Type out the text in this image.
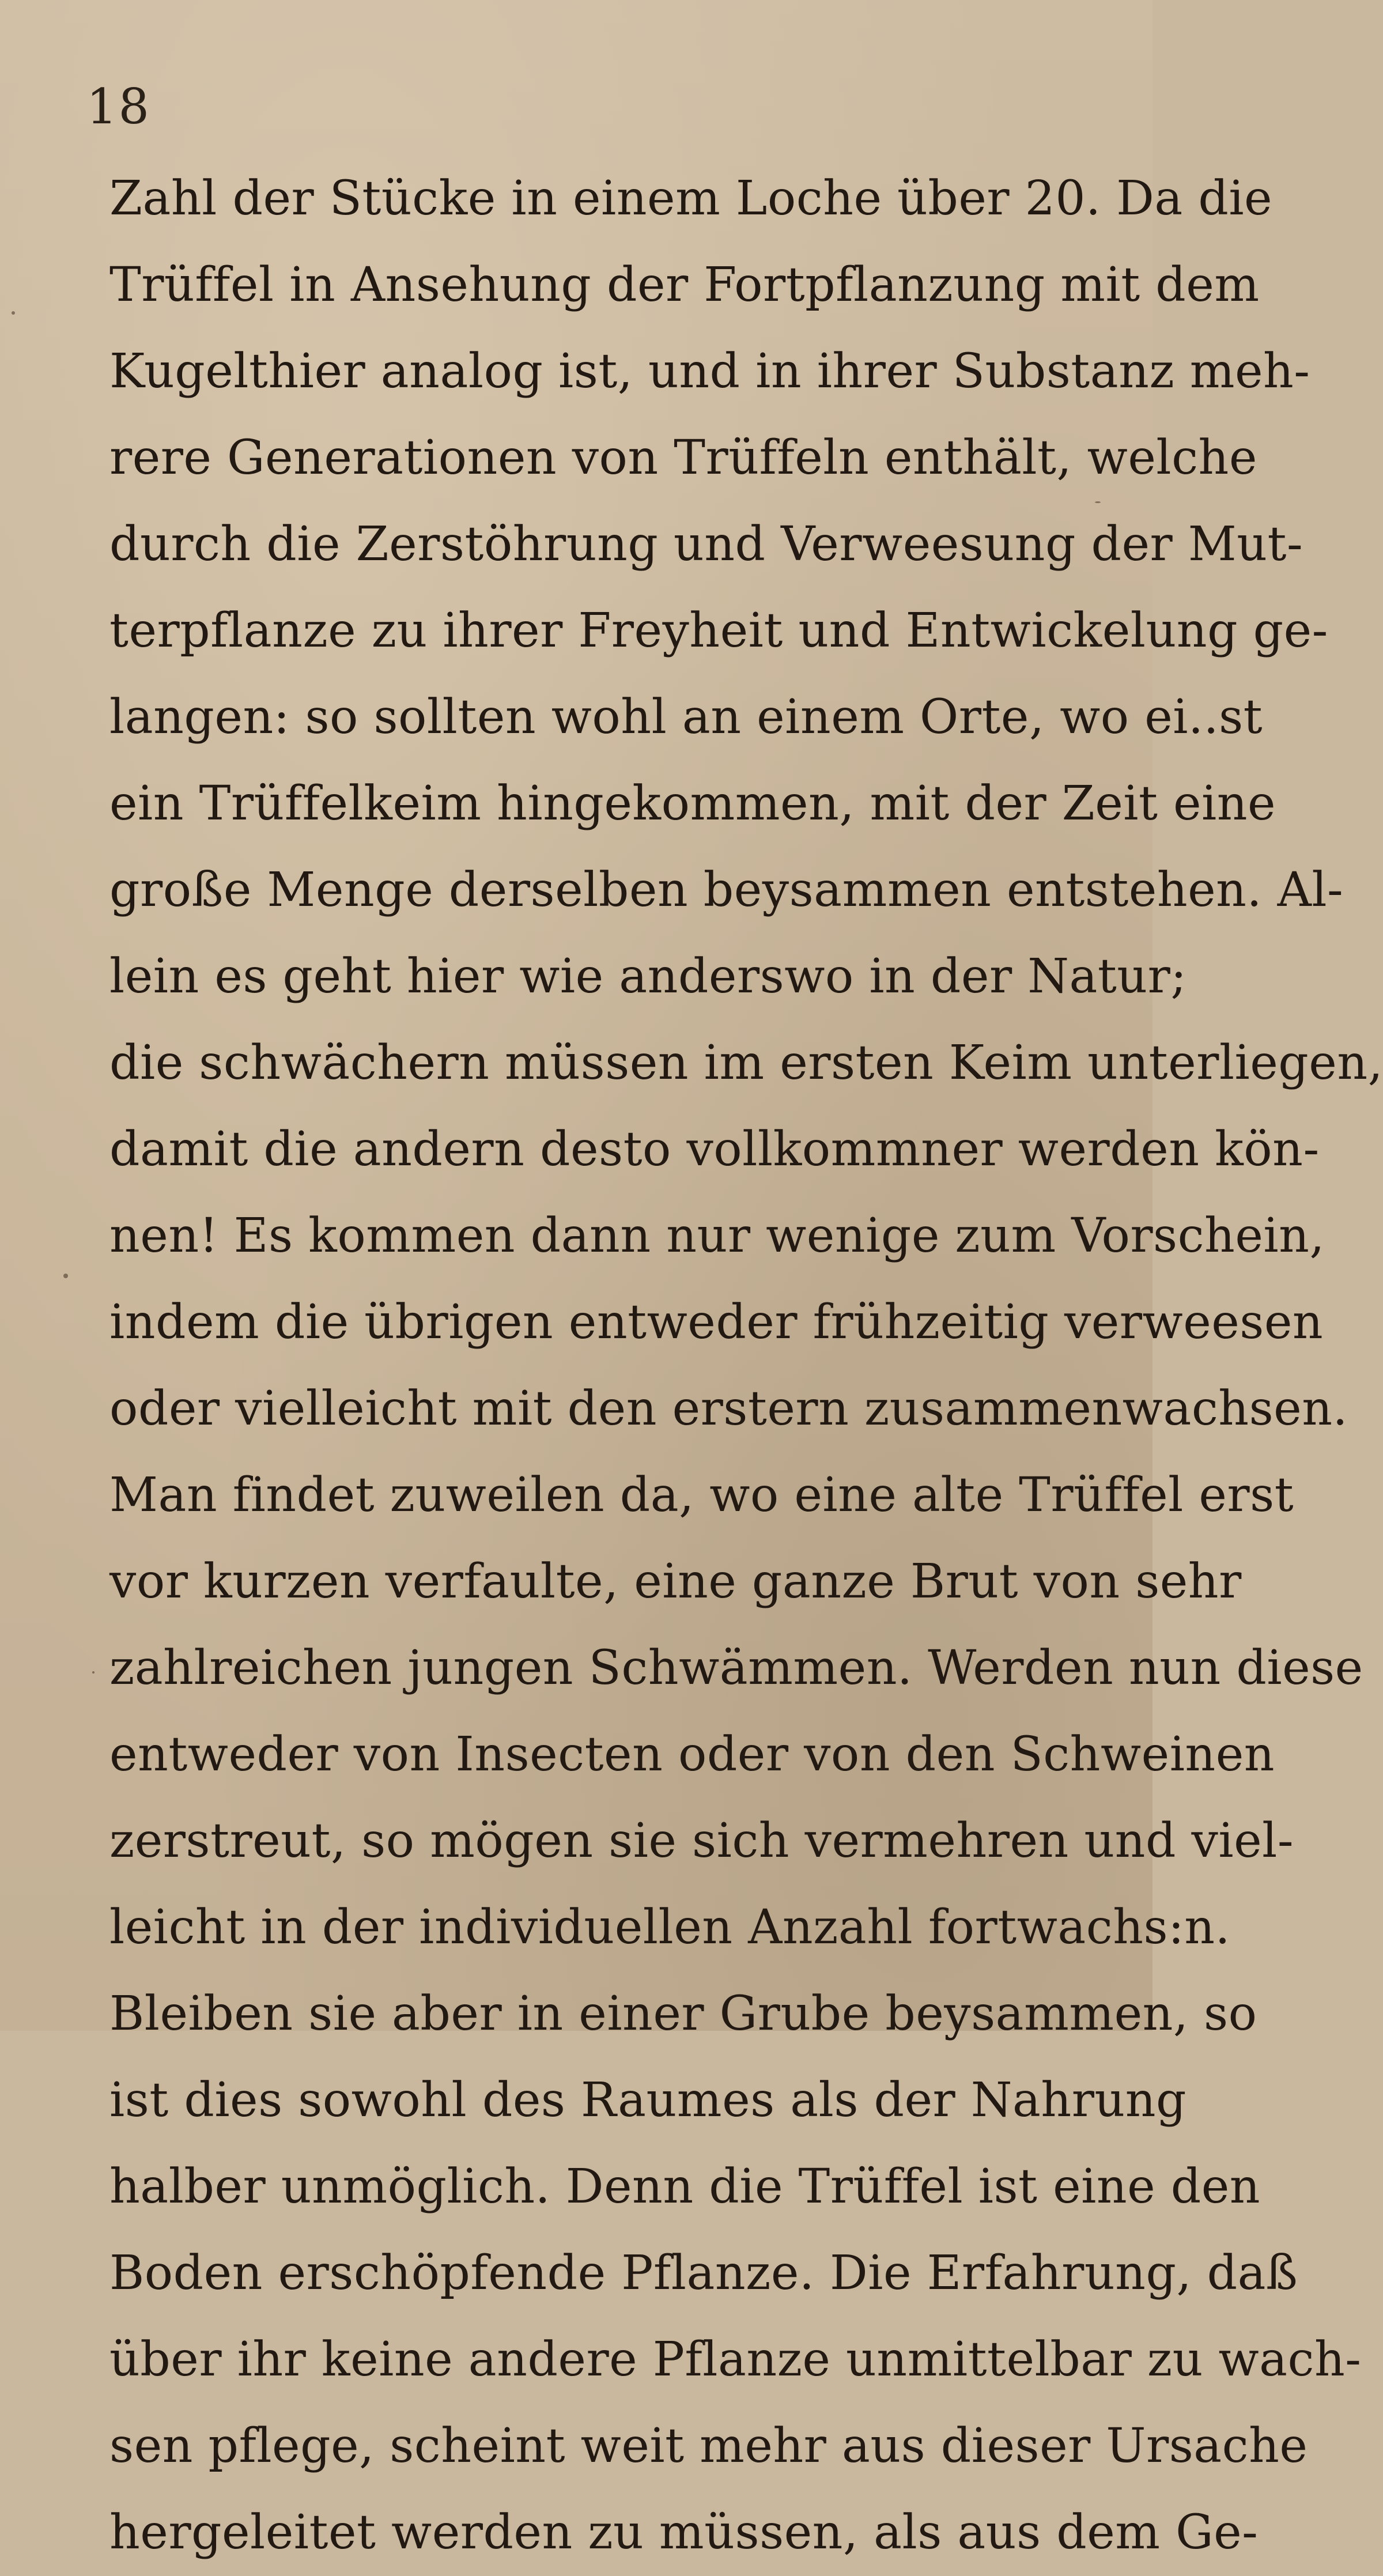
18
Zahl der Stücke in einem Loche über 20. Da die
Trüffel in Ansehung der Fortpflanzung mit dem
Kugelthier analog ist, und in ihrer Substanz meh-
rere Generationen von Trüffeln enthält, welche
durch die Zerstöhrung und Verweesung der Mut-
terpflanze zu ihrer Freyheit und Entwickelung ge-
langen: so sollten wohl an einem Orte, wo ei..st
ein Trüffelkeim hingekommen, mit der Zeit eine
große Menge derselben beysammen entstehen. Al-
lein es geht hier wie anderswo in der Natur;
die schwächern müssen im ersten Keim unterliegen,
damit die andern desto vollkommner werden kön-
nen! Es kommen dann nur wenige zum Vorschein,
indem die übrigen entweder frühzeitig verweesen
oder vielleicht mit den erstern zusammenwachsen.
Man findet zuweilen da, wo eine alte Trüffel erst
vor kurzen verfaulte, eine ganze Brut von sehr
zahlreichen jungen Schwämmen. Werden nun diese
entweder von Insecten oder von den Schweinen
zerstreut, so mögen sie sich vermehren und viel-
leicht in der individuellen Anzahl fortwachs:n.
Bleiben sie aber in einer Grube beysammen, so
ist dies sowohl des Raumes als der Nahrung
halber unmöglich. Denn die Trüffel ist eine den
Boden erschöpfende Pflanze. Die Erfahrung, daß
über ihr keine andere Pflanze unmittelbar zu wach-
sen pflege, scheint weit mehr aus dieser Ursache
hergeleitet werden zu müssen, als aus dem Ge-
